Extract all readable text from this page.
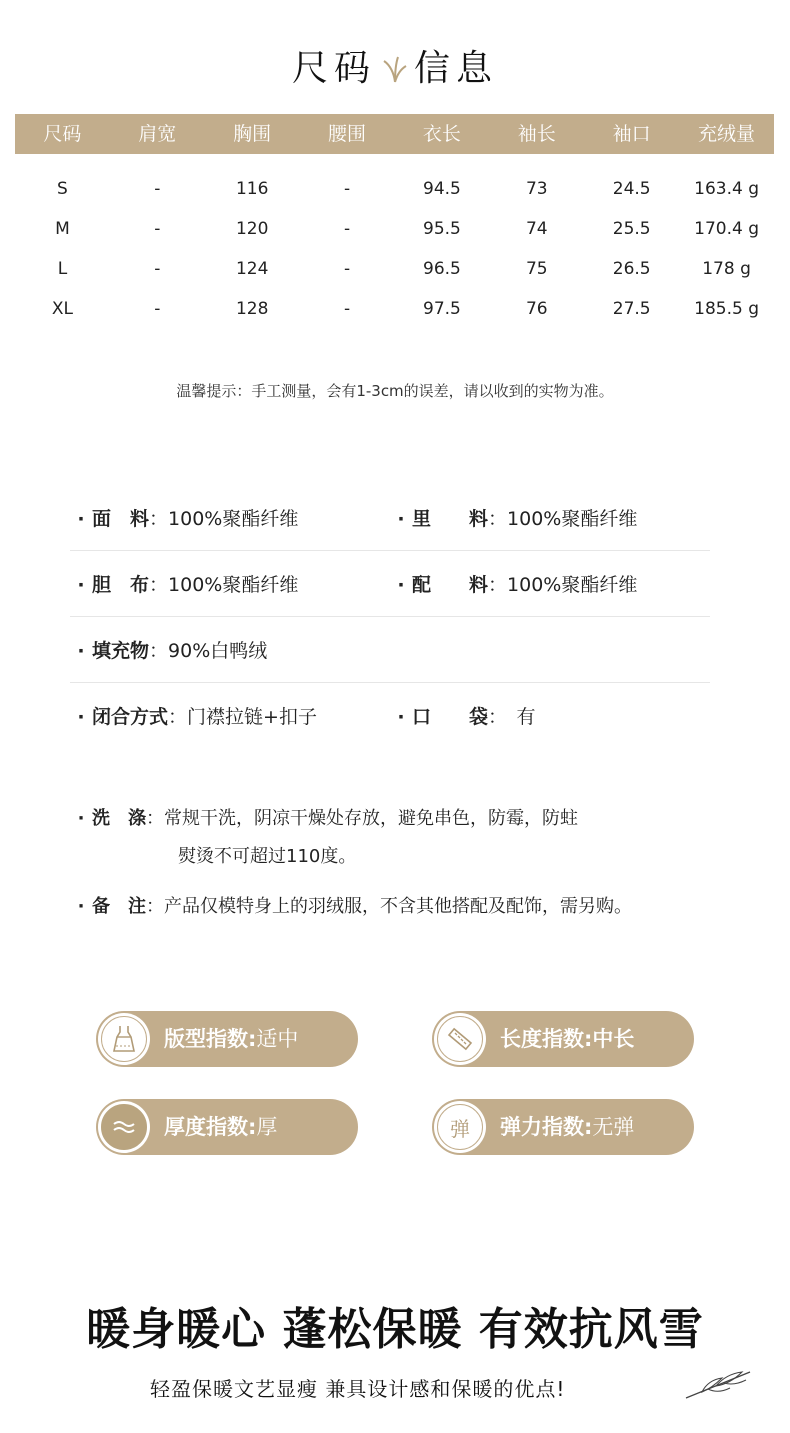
尺码 信息
尺码	肩宽	胸围	腰围	衣长	袖长	袖口	充绒量
S	-	116	-	94.5	73	24.5	163.4 g
M	-	120	-	95.5	74	25.5	170.4 g
L	-	124	-	96.5	75	26.5	178 g
XL	-	128	-	97.5	76	27.5	185.5 g
温馨提示：手工测量，会有1-3cm的误差，请以收到的实物为准。
· 面　料：100%聚酯纤维	· 里　　料：100%聚酯纤维
· 胆　布：100%聚酯纤维	· 配　　料：100%聚酯纤维
· 填充物：90%白鸭绒
· 闭合方式：门襟拉链+扣子	· 口　　袋：　有
· 洗　涤：常规干洗，阴凉干燥处存放，避免串色，防霉，防蛀
熨烫不可超过110度。
· 备　注：产品仅模特身上的羽绒服，不含其他搭配及配饰，需另购。
版型指数:适中	长度指数:中长
厚度指数:厚	弹	弹力指数:无弹
暖身暖心 蓬松保暖 有效抗风雪
轻盈保暖文艺显瘦 兼具设计感和保暖的优点!
